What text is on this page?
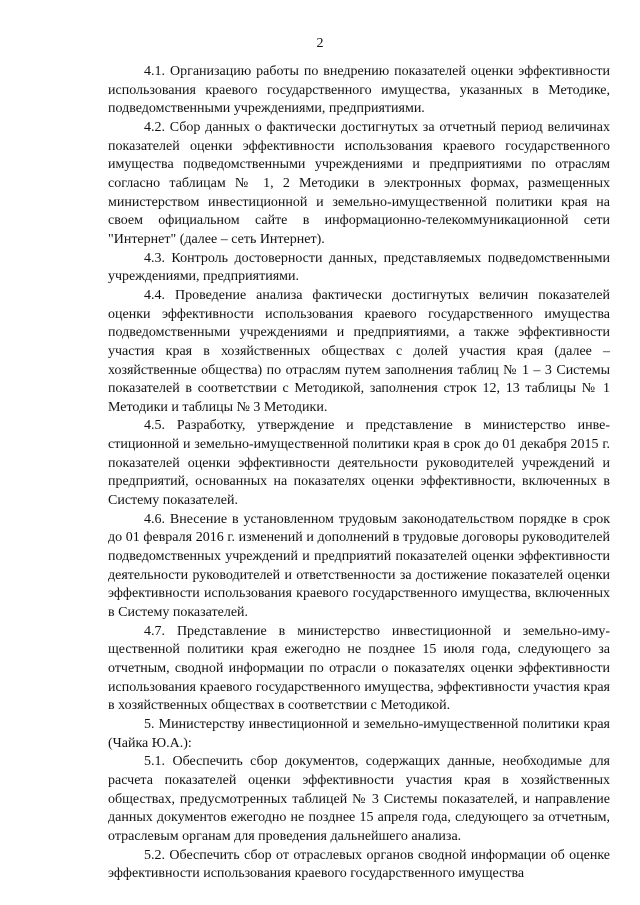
2

4.1. Организацию работы по внедрению показателей оценки эффективности использования краевого государственного имущества, указанных в Методике, подведомственными учреждениями, предприятиями.

4.2. Сбор данных о фактически достигнутых за отчетный период величинах показателей оценки эффективности использования краевого государственного имущества подведомственными учреждениями и предприятиями по отраслям согласно таблицам № 1, 2 Методики в электронных формах, размещенных министерством инвестиционной и земельно-имущественной политики края на своем официальном сайте в информационно-телекоммуникационной сети "Интернет" (далее – сеть Интернет).

4.3. Контроль достоверности данных, представляемых подведомственными учреждениями, предприятиями.

4.4. Проведение анализа фактически достигнутых величин показателей оценки эффективности использования краевого государственного имущества подведомственными учреждениями и предприятиями, а также эффективности участия края в хозяйственных обществах с долей участия края (далее – хозяйственные общества) по отраслям путем заполнения таблиц № 1 – 3 Системы показателей в соответствии с Методикой, заполнения строк 12, 13 таблицы № 1 Методики и таблицы № 3 Методики.

4.5. Разработку, утверждение и представление в министерство инвестиционной и земельно-имущественной политики края в срок до 01 декабря 2015 г. показателей оценки эффективности деятельности руководителей учреждений и предприятий, основанных на показателях оценки эффективности, включенных в Систему показателей.

4.6. Внесение в установленном трудовым законодательством порядке в срок до 01 февраля 2016 г. изменений и дополнений в трудовые договоры руководителей подведомственных учреждений и предприятий показателей оценки эффективности деятельности руководителей и ответственности за достижение показателей оценки эффективности использования краевого государственного имущества, включенных в Систему показателей.

4.7. Представление в министерство инвестиционной и земельно-имущественной политики края ежегодно не позднее 15 июля года, следующего за отчетным, сводной информации по отрасли о показателях оценки эффективности использования краевого государственного имущества, эффективности участия края в хозяйственных обществах в соответствии с Методикой.

5. Министерству инвестиционной и земельно-имущественной политики края (Чайка Ю.А.):

5.1. Обеспечить сбор документов, содержащих данные, необходимые для расчета показателей оценки эффективности участия края в хозяйственных обществах, предусмотренных таблицей № 3 Системы показателей, и направление данных документов ежегодно не позднее 15 апреля года, следующего за отчетным, отраслевым органам для проведения дальнейшего анализа.

5.2. Обеспечить сбор от отраслевых органов сводной информации об оценке эффективности использования краевого государственного имущества
